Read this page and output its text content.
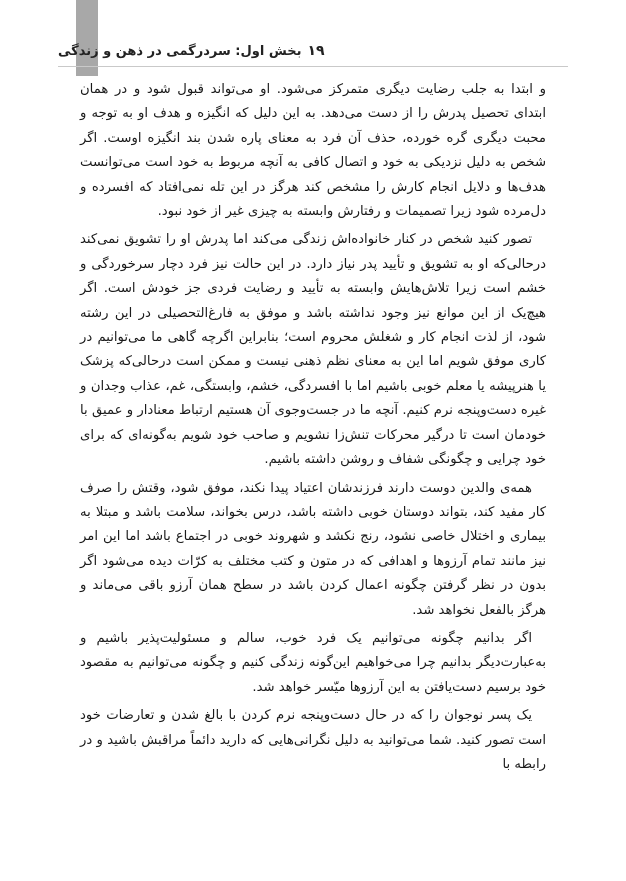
بخش اول: سردرگمی در ذهن و زندگی ۱۹

و ابتدا به جلب رضایت دیگری متمرکز می‌شود. او می‌تواند قبول شود و در همان ابتدای تحصیل پدرش را از دست می‌دهد. به این دلیل که انگیزه و هدف او به توجه و محبت دیگری گره خورده، حذف آن فرد به معنای پاره شدن بند انگیزه اوست. اگر شخص به دلیل نزدیکی به خود و اتصال کافی به آنچه مربوط به خود است می‌توانست هدف‌ها و دلایل انجام کارش را مشخص کند هرگز در این تله نمی‌افتاد که افسرده و دل‌مرده شود زیرا تصمیمات و رفتارش وابسته به چیزی غیر از خود نبود.

تصور کنید شخص در کنار خانواده‌اش زندگی می‌کند اما پدرش او را تشویق نمی‌کند درحالی‌که او به تشویق و تأیید پدر نیاز دارد. در این حالت نیز فرد دچار سرخوردگی و خشم است زیرا تلاش‌هایش وابسته به تأیید و رضایت فردی جز خودش است. اگر هیچ‌یک از این موانع نیز وجود نداشته باشد و موفق به فارغ‌التحصیلی در این رشته شود، از لذت انجام کار و شغلش محروم است؛ بنابراین اگرچه گاهی ما می‌توانیم در کاری موفق شویم اما این به معنای نظم ذهنی نیست و ممکن است درحالی‌که پزشک یا هنرپیشه یا معلم خوبی باشیم اما با افسردگی، خشم، وابستگی، غم، عذاب وجدان و غیره دست‌وپنجه نرم کنیم. آنچه ما در جست‌وجوی آن هستیم ارتباط معنادار و عمیق با خودمان است تا درگیر محرکات تنش‌زا نشویم و صاحب خود شویم به‌گونه‌ای که برای خود چرایی و چگونگی شفاف و روشن داشته باشیم.

همه‌ی والدین دوست دارند فرزندشان اعتیاد پیدا نکند، موفق شود، وقتش را صرف کار مفید کند، بتواند دوستان خوبی داشته باشد، درس بخواند، سلامت باشد و مبتلا به بیماری و اختلال خاصی نشود، رنج نکشد و شهروند خوبی در اجتماع باشد اما این امر نیز مانند تمام آرزوها و اهدافی که در متون و کتب مختلف به کرّات دیده می‌شود اگر بدون در نظر گرفتن چگونه اعمال کردن باشد در سطح همان آرزو باقی می‌ماند و هرگز بالفعل نخواهد شد.

اگر بدانیم چگونه می‌توانیم یک فرد خوب، سالم و مسئولیت‌پذیر باشیم و به‌عبارت‌دیگر بدانیم چرا می‌خواهیم این‌گونه زندگی کنیم و چگونه می‌توانیم به مقصود خود برسیم دست‌یافتن به این آرزوها میّسر خواهد شد.

یک پسر نوجوان را که در حال دست‌وپنجه نرم کردن با بالغ شدن و تعارضات خود است تصور کنید. شما می‌توانید به دلیل نگرانی‌هایی که دارید دائماً مراقبش باشید و در رابطه با
